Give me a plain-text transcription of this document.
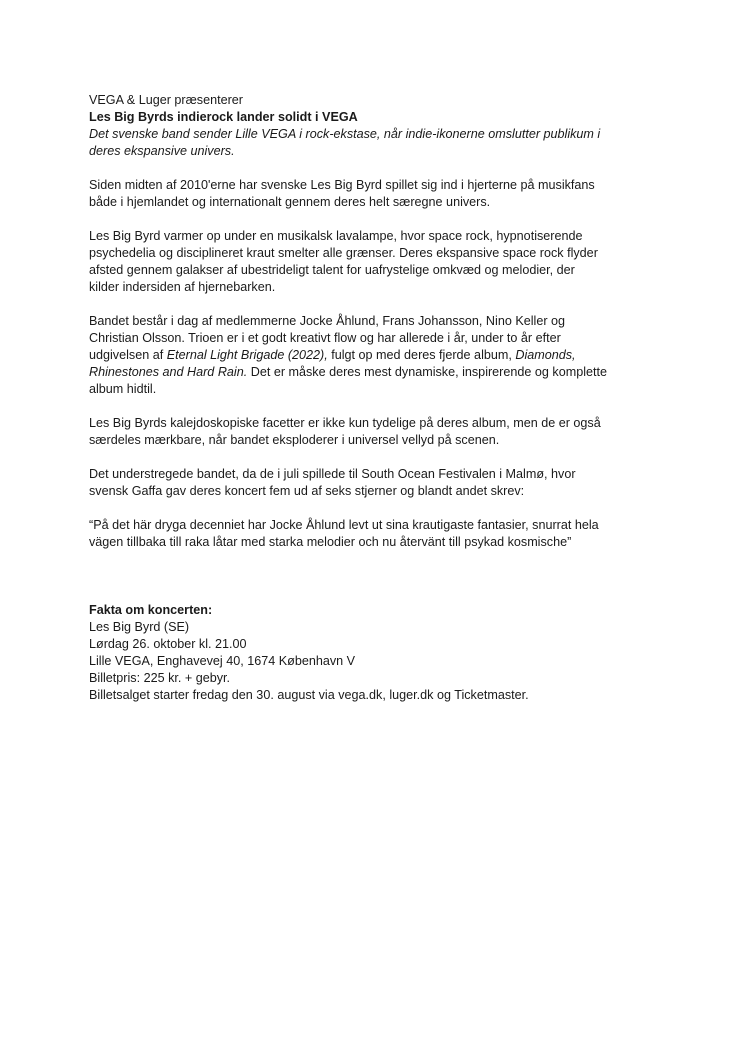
VEGA & Luger præsenterer
Les Big Byrds indierock lander solidt i VEGA
Det svenske band sender Lille VEGA i rock-ekstase, når indie-ikonerne omslutter publikum i
deres ekspansive univers.
Siden midten af 2010'erne har svenske Les Big Byrd spillet sig ind i hjerterne på musikfans
både i hjemlandet og internationalt gennem deres helt særegne univers.
Les Big Byrd varmer op under en musikalsk lavalampe, hvor space rock, hypnotiserende
psychedelia og disciplineret kraut smelter alle grænser. Deres ekspansive space rock flyder
afsted gennem galakser af ubestrideligt talent for uafrystelige omkvæd og melodier, der
kilder indersiden af hjernebarken.
Bandet består i dag af medlemmerne Jocke Åhlund, Frans Johansson, Nino Keller og
Christian Olsson. Trioen er i et godt kreativt flow og har allerede i år, under to år efter
udgivelsen af Eternal Light Brigade (2022), fulgt op med deres fjerde album, Diamonds,
Rhinestones and Hard Rain. Det er måske deres mest dynamiske, inspirerende og komplette
album hidtil.
Les Big Byrds kalejdoskopiske facetter er ikke kun tydelige på deres album, men de er også
særdeles mærkbare, når bandet eksploderer i universel vellyd på scenen.
Det understregede bandet, da de i juli spillede til South Ocean Festivalen i Malmø, hvor
svensk Gaffa gav deres koncert fem ud af seks stjerner og blandt andet skrev:
“På det här dryga decenniet har Jocke Åhlund levt ut sina krautigaste fantasier, snurrat hela
vägen tillbaka till raka låtar med starka melodier och nu återvänt till psykad kosmische”
Fakta om koncerten:
Les Big Byrd (SE)
Lørdag 26. oktober kl. 21.00
Lille VEGA, Enghavevej 40, 1674 København V
Billetpris: 225 kr. + gebyr.
Billetsalget starter fredag den 30. august via vega.dk, luger.dk og Ticketmaster.
